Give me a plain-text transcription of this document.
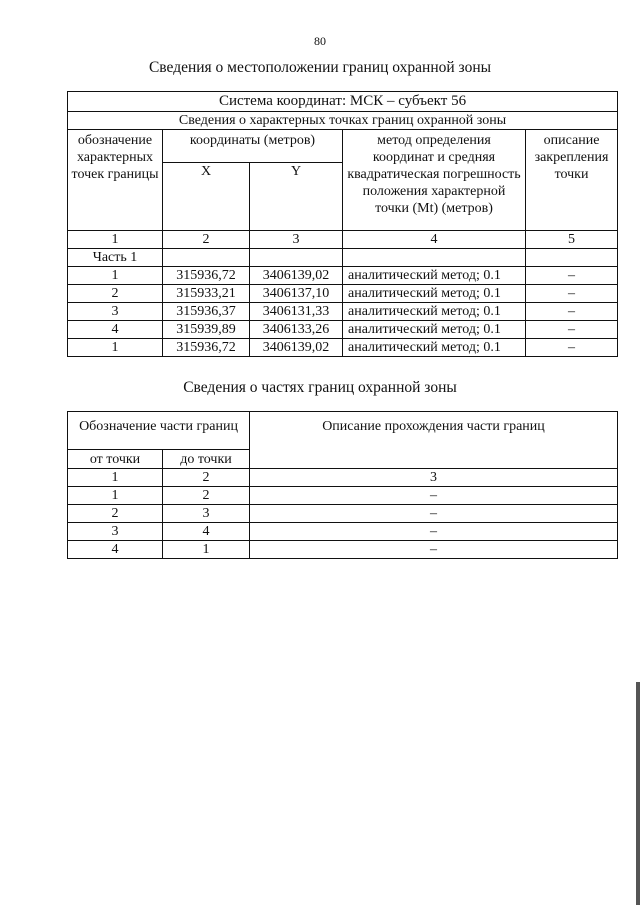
80
Сведения о местоположении границ охранной зоны
Система координат: МСК – субъект 56				
Сведения о характерных точках границ охранной зоны				
обозначение характерных точек границы	координаты (метров)		метод определения координат и средняя квадратическая погрешность положения характерной точки (Mt) (метров)	описание закрепления точки
	X	Y		
1	2	3	4	5
Часть 1				
1	315936,72	3406139,02	аналитический метод; 0.1	–
2	315933,21	3406137,10	аналитический метод; 0.1	–
3	315936,37	3406131,33	аналитический метод; 0.1	–
4	315939,89	3406133,26	аналитический метод; 0.1	–
1	315936,72	3406139,02	аналитический метод; 0.1	–
Сведения о частях границ охранной зоны
Обозначение части границ		Описание прохождения части границ
от точки	до точки	
1	2	3
1	2	–
2	3	–
3	4	–
4	1	–
